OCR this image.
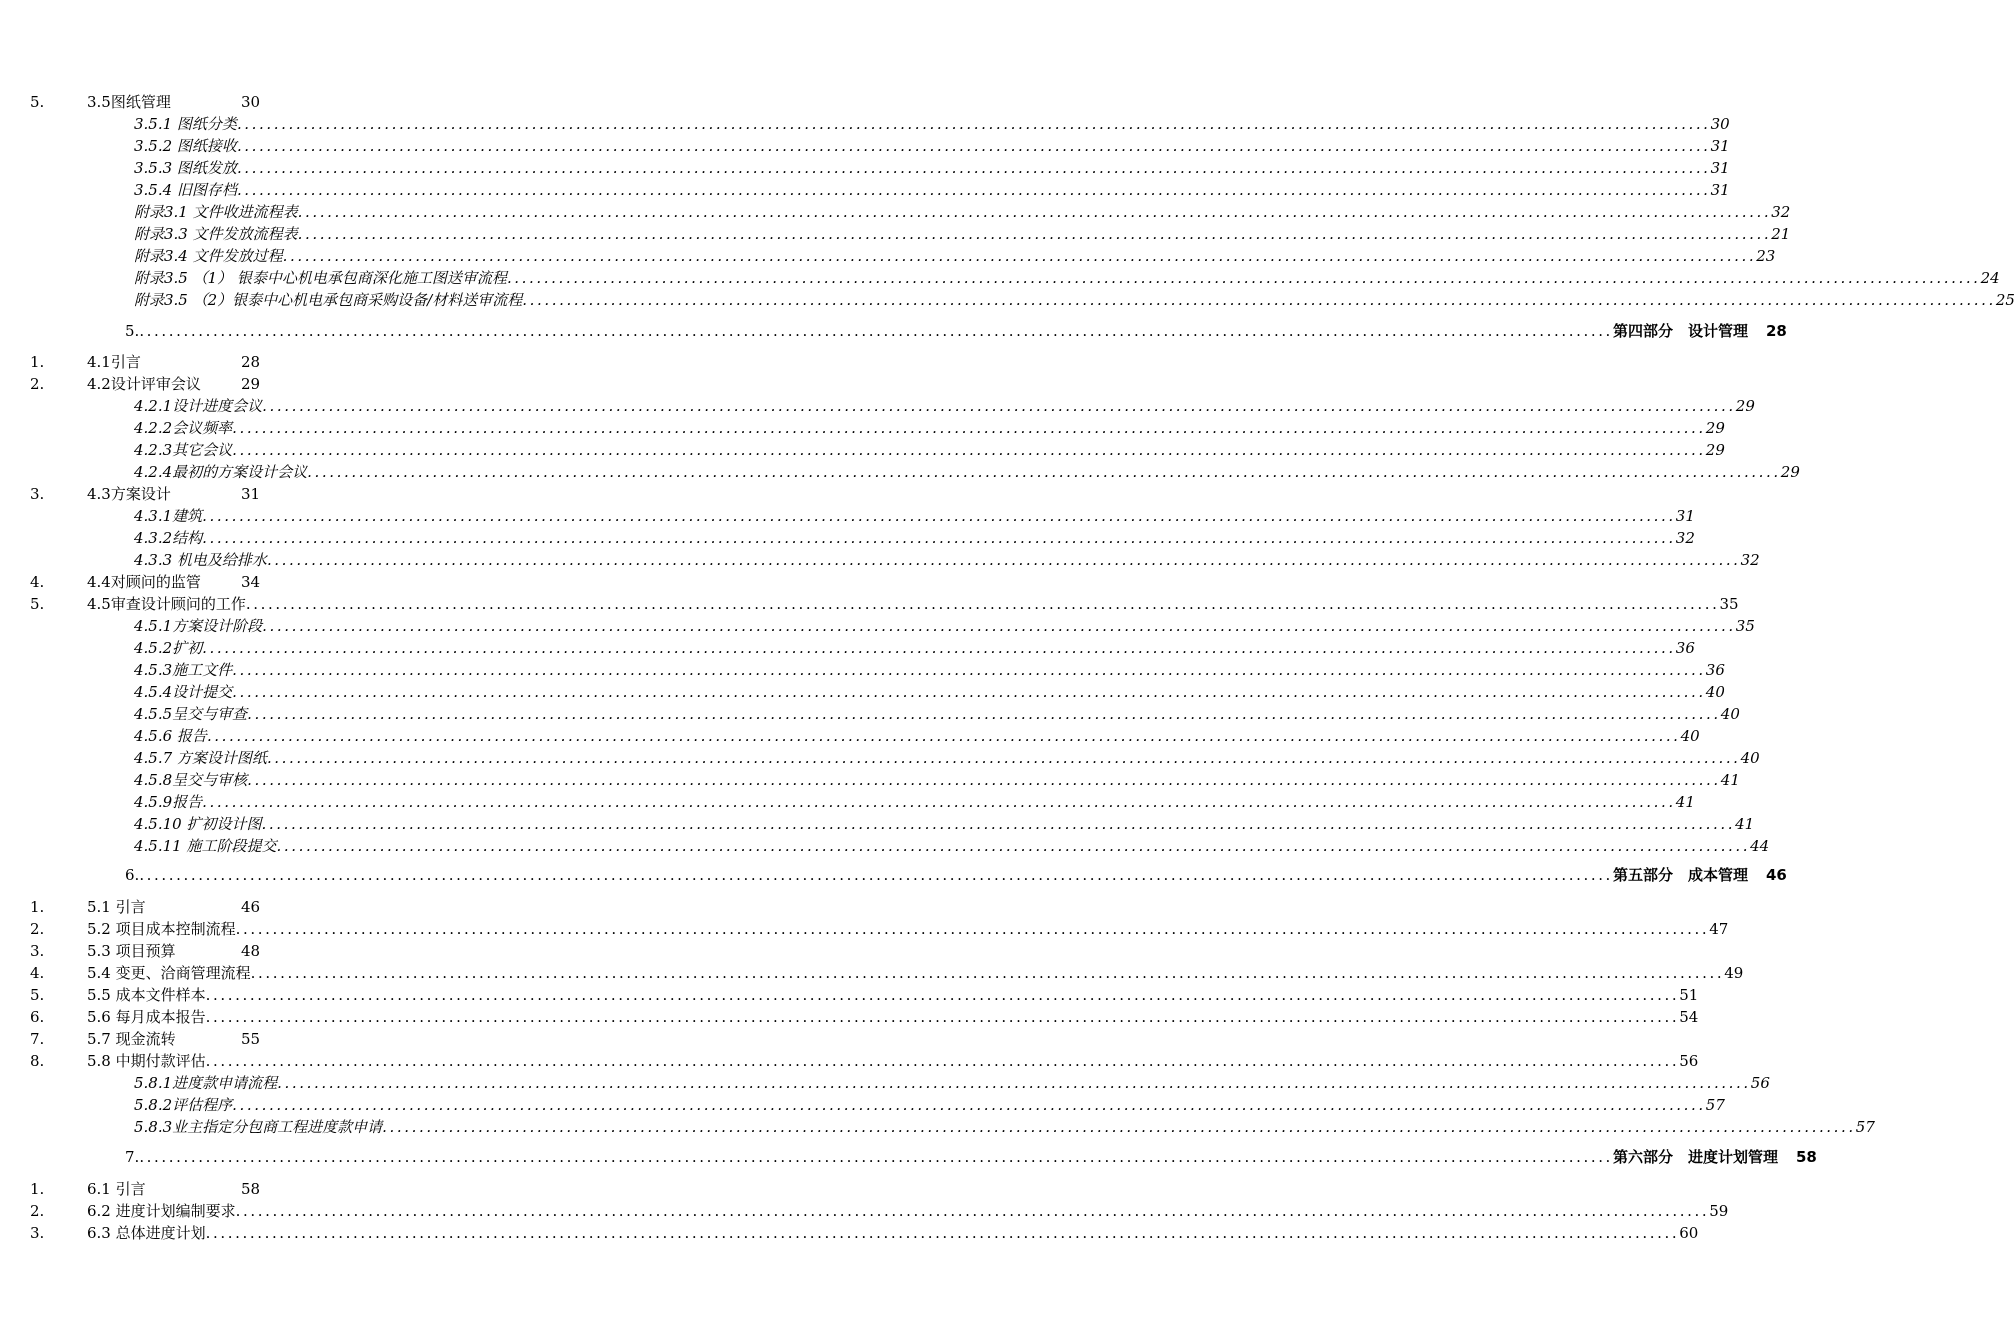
5.	3.5图纸管理	30
3.5.1 图纸分类 ........................................................................................................................................................................................................ 30
3.5.2 图纸接收 ........................................................................................................................................................................................................ 31
3.5.3 图纸发放 ........................................................................................................................................................................................................ 31
3.5.4 旧图存档 ........................................................................................................................................................................................................ 31
附录3.1 文件收进流程表 ........................................................................................................................................................................................................ 32
附录3.3 文件发放流程表 ........................................................................................................................................................................................................ 21
附录3.4 文件发放过程 ........................................................................................................................................................................................................ 23
附录3.5 （1） 银泰中心机电承包商深化施工图送审流程 ........................................................................................................................................................................................................ 24
附录3.5 （2）银泰中心机电承包商采购设备/材料送审流程 ........................................................................................................................................................................................................ 25
5. ........................................................................................................................................................................................................ 第四部分　设计管理	28
1.	4.1引言	28
2.	4.2设计评审会议	29
4.2.1设计进度会议 ........................................................................................................................................................................................................ 29
4.2.2会议频率 ........................................................................................................................................................................................................ 29
4.2.3其它会议 ........................................................................................................................................................................................................ 29
4.2.4最初的方案设计会议 ........................................................................................................................................................................................................ 29
3.	4.3方案设计	31
4.3.1建筑 ........................................................................................................................................................................................................ 31
4.3.2结构 ........................................................................................................................................................................................................ 32
4.3.3 机电及给排水 ........................................................................................................................................................................................................ 32
4.	4.4对顾问的监管	34
5.	4.5审查设计顾问的工作 ........................................................................................................................................................................................................ 35
4.5.1方案设计阶段 ........................................................................................................................................................................................................ 35
4.5.2扩初 ........................................................................................................................................................................................................ 36
4.5.3施工文件 ........................................................................................................................................................................................................ 36
4.5.4设计提交 ........................................................................................................................................................................................................ 40
4.5.5呈交与审查 ........................................................................................................................................................................................................ 40
4.5.6 报告 ........................................................................................................................................................................................................ 40
4.5.7 方案设计图纸 ........................................................................................................................................................................................................ 40
4.5.8呈交与审核 ........................................................................................................................................................................................................ 41
4.5.9报告 ........................................................................................................................................................................................................ 41
4.5.10 扩初设计图 ........................................................................................................................................................................................................ 41
4.5.11 施工阶段提交 ........................................................................................................................................................................................................ 44
6. ........................................................................................................................................................................................................ 第五部分　成本管理	46
1.	5.1 引言	46
2.	5.2 项目成本控制流程 ........................................................................................................................................................................................................ 47
3.	5.3 项目预算	48
4.	5.4 变更、洽商管理流程 ........................................................................................................................................................................................................ 49
5.	5.5 成本文件样本 ........................................................................................................................................................................................................ 51
6.	5.6 每月成本报告 ........................................................................................................................................................................................................ 54
7.	5.7 现金流转	55
8.	5.8 中期付款评估 ........................................................................................................................................................................................................ 56
5.8.1进度款申请流程 ........................................................................................................................................................................................................ 56
5.8.2评估程序 ........................................................................................................................................................................................................ 57
5.8.3业主指定分包商工程进度款申请 ........................................................................................................................................................................................................ 57
7. ........................................................................................................................................................................................................ 第六部分　进度计划管理	58
1.	6.1 引言	58
2.	6.2 进度计划编制要求 ........................................................................................................................................................................................................ 59
3.	6.3 总体进度计划 ........................................................................................................................................................................................................ 60
